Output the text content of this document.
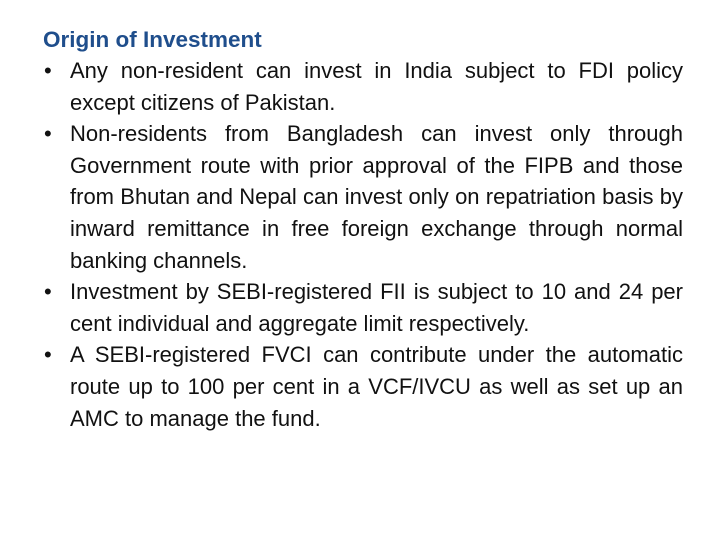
Origin of Investment
• Any non-resident can invest in India subject to FDI policy except citizens of Pakistan.
• Non-residents from Bangladesh can invest only through Government route with prior approval of the FIPB and those from Bhutan and Nepal can invest only on repatriation basis by inward remittance in free foreign exchange through normal banking channels.
• Investment by SEBI-registered FII is subject to 10 and 24 per cent individual and aggregate limit respectively.
• A SEBI-registered FVCI can contribute under the automatic route up to 100 per cent in a VCF/IVCU as well as set up an AMC to manage the fund.
